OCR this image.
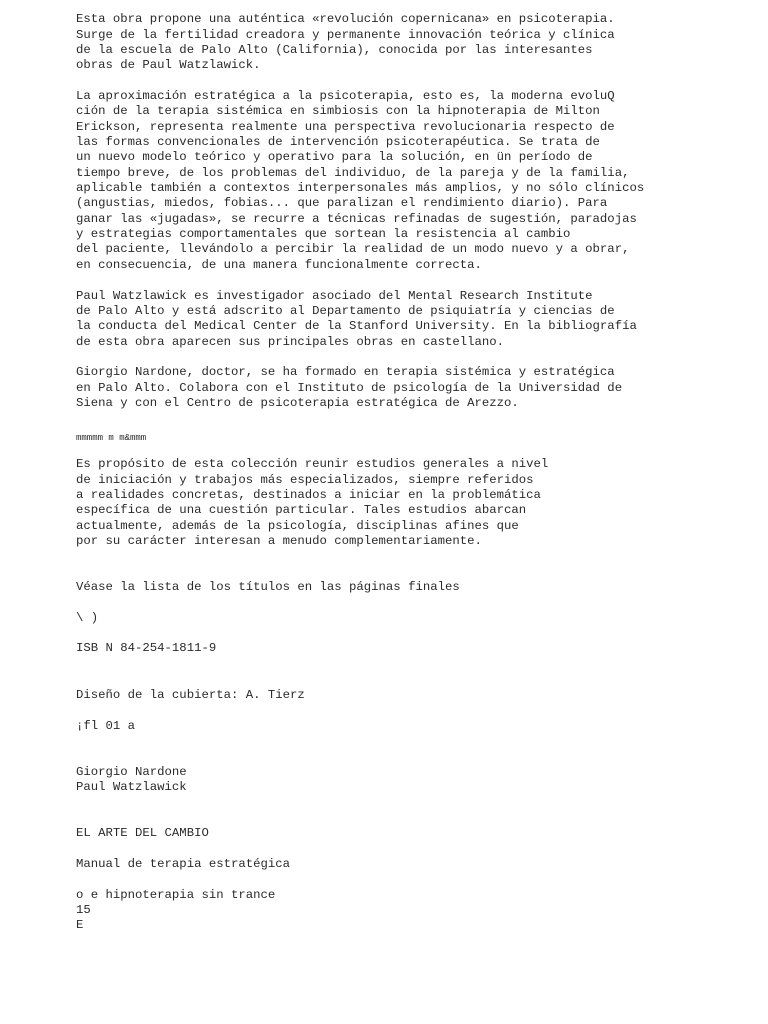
Esta obra propone una auténtica «revolución copernicana» en psicoterapia.

Surge de la fertilidad creadora y permanente innovación teórica y clínica

de la escuela de Palo Alto (California), conocida por las interesantes

obras de Paul Watzlawick.

La aproximación estratégica a la psicoterapia, esto es, la moderna evoluQ

ción de la terapia sistémica en simbiosis con la hipnoterapia de Milton

Erickson, representa realmente una perspectiva revolucionaria respecto de

las formas convencionales de intervención psicoterapéutica. Se trata de

un nuevo modelo teórico y operativo para la solución, en ün período de

tiempo breve, de los problemas del individuo, de la pareja y de la familia,

aplicable también a contextos interpersonales más amplios, y no sólo clínicos

(angustias, miedos, fobias... que paralizan el rendimiento diario). Para

ganar las «jugadas», se recurre a técnicas refinadas de sugestión, paradojas

y estrategias comportamentales que sortean la resistencia al cambio

del paciente, llevándolo a percibir la realidad de un modo nuevo y a obrar,

en consecuencia, de una manera funcionalmente correcta.

Paul Watzlawick es investigador asociado del Mental Research Institute

de Palo Alto y está adscrito al Departamento de psiquiatría y ciencias de

la conducta del Medical Center de la Stanford University. En la bibliografía

de esta obra aparecen sus principales obras en castellano.

Giorgio Nardone, doctor, se ha formado en terapia sistémica y estratégica

en Palo Alto. Colabora con el Instituto de psicología de la Universidad de

Siena y con el Centro de psicoterapia estratégica de Arezzo.

mmmmm m m&mmm

Es propósito de esta colección reunir estudios generales a nivel

de iniciación y trabajos más especializados, siempre referidos

a realidades concretas, destinados a iniciar en la problemática

específica de una cuestión particular. Tales estudios abarcan

actualmente, además de la psicología, disciplinas afines que

por su carácter interesan a menudo complementariamente.

Véase la lista de los títulos en las páginas finales

\ )

ISB N 84-254-1811-9

Diseño de la cubierta: A. Tierz

¡fl 01 a

Giorgio Nardone

Paul Watzlawick

EL ARTE DEL CAMBIO

Manual de terapia estratégica

o e hipnoterapia sin trance

15

E
